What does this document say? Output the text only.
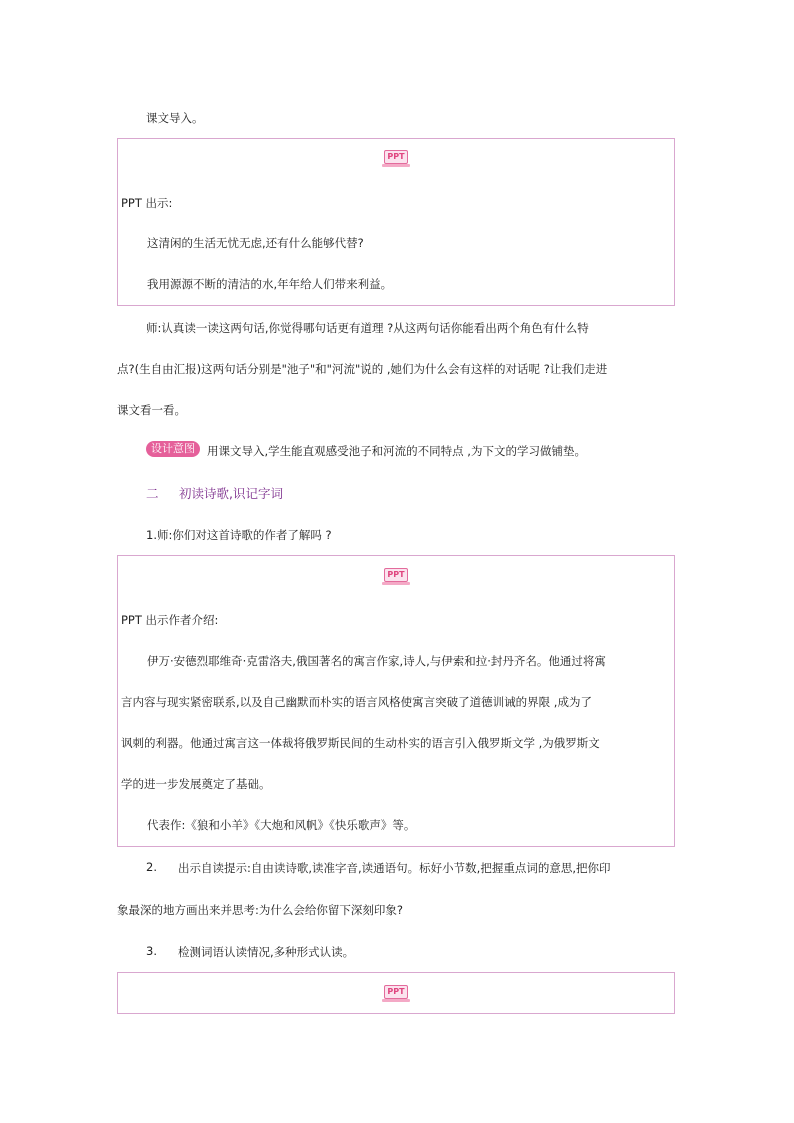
课文导入。
PPT
PPT 出示:
这清闲的生活无忧无虑,还有什么能够代替?
我用源源不断的清洁的水,年年给人们带来利益。
师:认真读一读这两句话,你觉得哪句话更有道理 ?从这两句话你能看出两个角色有什么特
点?(生自由汇报)这两句话分别是"池子"和"河流"说的 ,她们为什么会有这样的对话呢 ?让我们走进
课文看一看。
设计意图	用课文导入,学生能直观感受池子和河流的不同特点 ,为下文的学习做铺垫。
二 初读诗歌,识记字词
1.师:你们对这首诗歌的作者了解吗 ?
PPT
PPT 出示作者介绍:
伊万·安德烈耶维奇·克雷洛夫,俄国著名的寓言作家,诗人,与伊索和拉·封丹齐名。他通过将寓
言内容与现实紧密联系,以及自己幽默而朴实的语言风格使寓言突破了道德训诫的界限 ,成为了
讽刺的利器。他通过寓言这一体裁将俄罗斯民间的生动朴实的语言引入俄罗斯文学 ,为俄罗斯文
学的进一步发展奠定了基础。
代表作:《狼和小羊》《大炮和风帆》《快乐歌声》等。
2. 出示自读提示:自由读诗歌,读准字音,读通语句。标好小节数,把握重点词的意思,把你印
象最深的地方画出来并思考:为什么会给你留下深刻印象?
3. 检测词语认读情况,多种形式认读。
PPT
